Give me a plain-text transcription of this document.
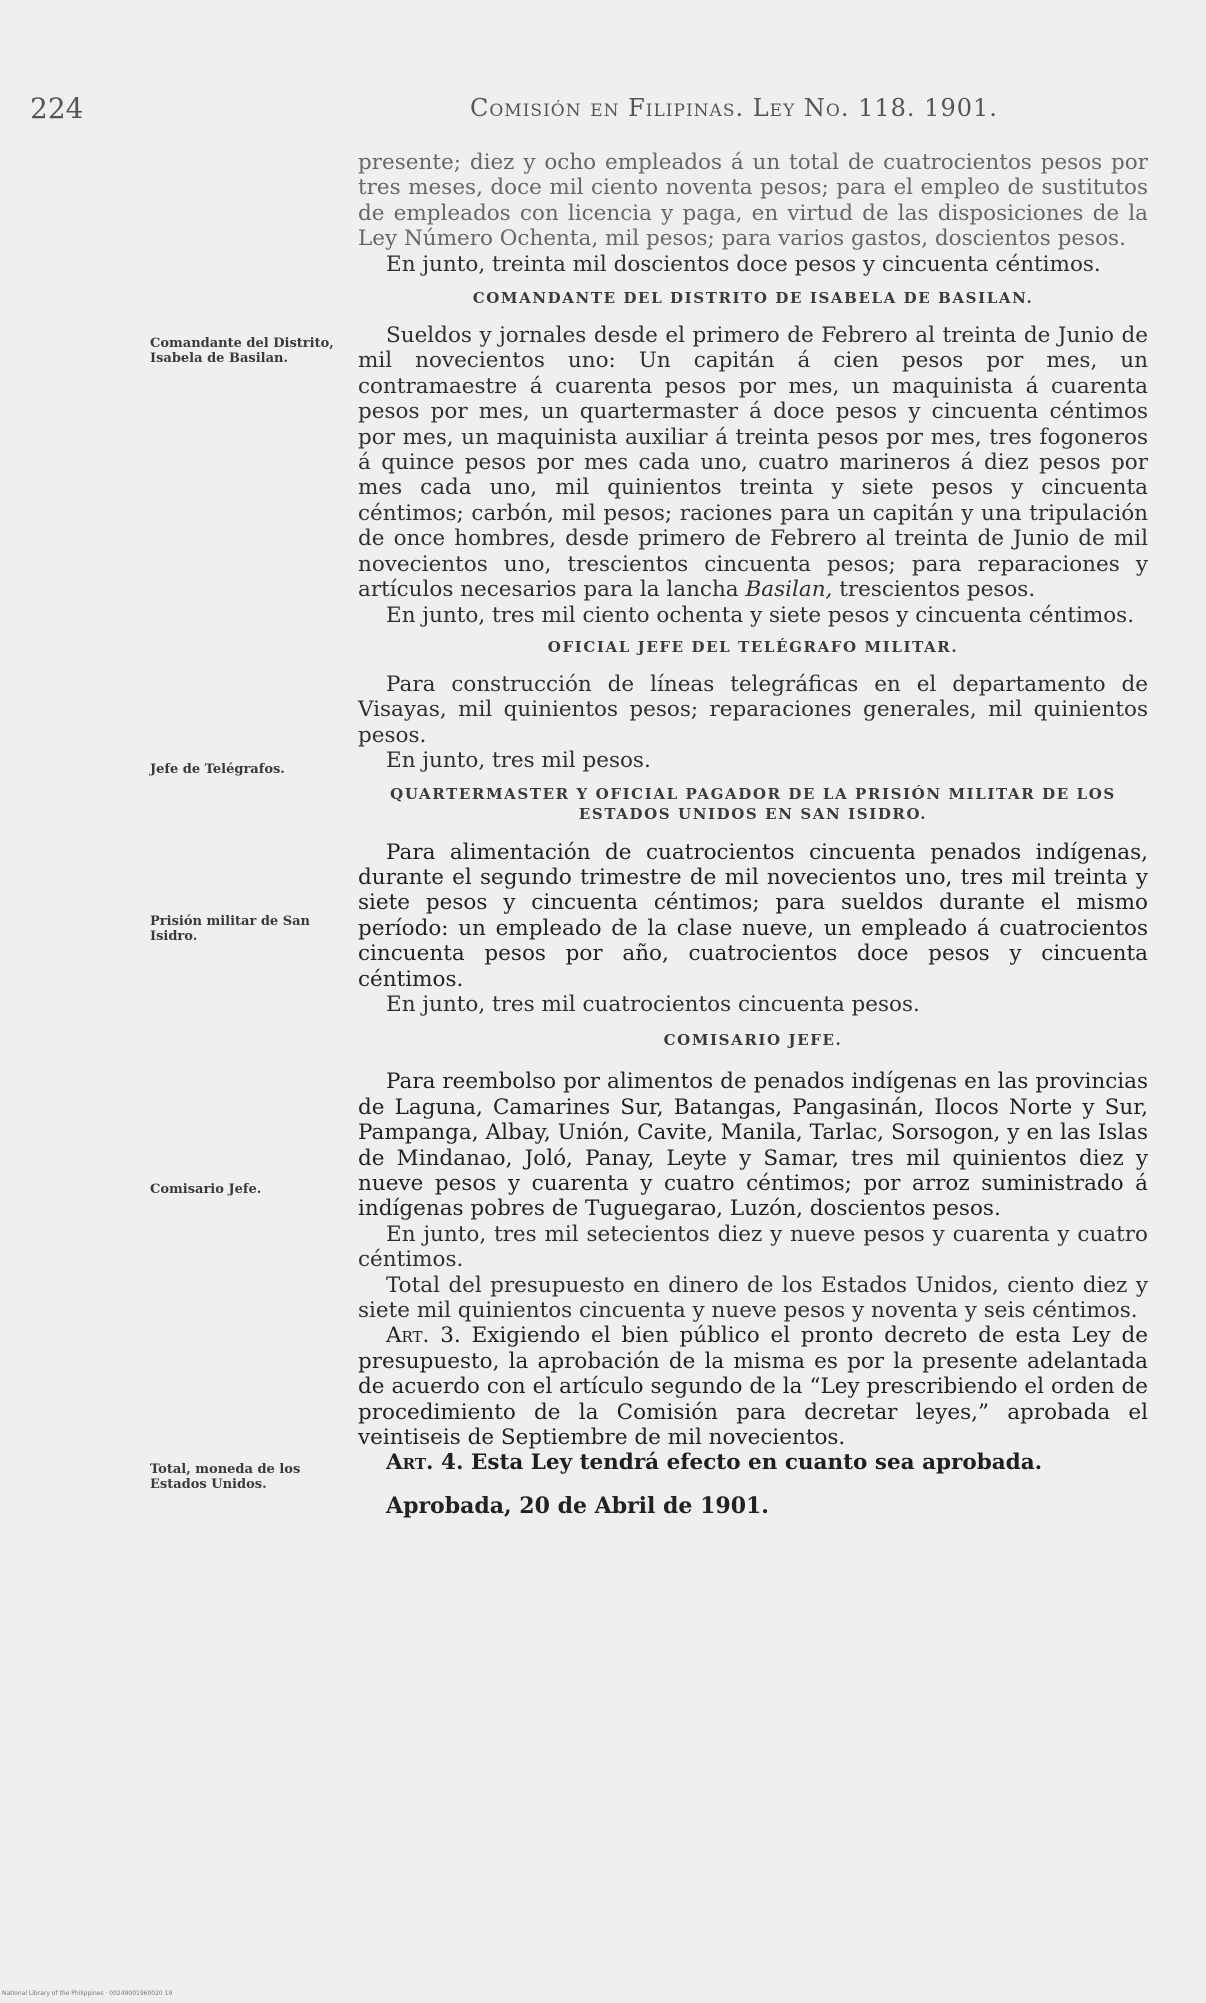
224	Comisión en Filipinas. Ley No. 118. 1901.
Comandante del Distrito, Isabela de Basilan.
Jefe de Telégrafos.
Prisión militar de San Isidro.
Comisario Jefe.
Total, moneda de los Estados Unidos.

presente; diez y ocho empleados á un total de cuatrocientos pesos por tres meses, doce mil ciento noventa pesos; para el empleo de sustitutos de empleados con licencia y paga, en virtud de las disposiciones de la Ley Número Ochenta, mil pesos; para varios gastos, doscientos pesos.

En junto, treinta mil doscientos doce pesos y cincuenta céntimos.

COMANDANTE DEL DISTRITO DE ISABELA DE BASILAN.

Sueldos y jornales desde el primero de Febrero al treinta de Junio de mil novecientos uno: Un capitán á cien pesos por mes, un contramaestre á cuarenta pesos por mes, un maquinista á cuarenta pesos por mes, un quartermaster á doce pesos y cincuenta céntimos por mes, un maquinista auxiliar á treinta pesos por mes, tres fogoneros á quince pesos por mes cada uno, cuatro marineros á diez pesos por mes cada uno, mil quinientos treinta y siete pesos y cincuenta céntimos; carbón, mil pesos; raciones para un capitán y una tripulación de once hombres, desde primero de Febrero al treinta de Junio de mil novecientos uno, trescientos cincuenta pesos; para reparaciones y artículos necesarios para la lancha Basilan, trescientos pesos.

En junto, tres mil ciento ochenta y siete pesos y cincuenta céntimos.

OFICIAL JEFE DEL TELÉGRAFO MILITAR.

Para construcción de líneas telegráficas en el departamento de Visayas, mil quinientos pesos; reparaciones generales, mil quinientos pesos.

En junto, tres mil pesos.

QUARTERMASTER Y OFICIAL PAGADOR DE LA PRISIÓN MILITAR DE LOS
ESTADOS UNIDOS EN SAN ISIDRO.

Para alimentación de cuatrocientos cincuenta penados indígenas, durante el segundo trimestre de mil novecientos uno, tres mil treinta y siete pesos y cincuenta céntimos; para sueldos durante el mismo período: un empleado de la clase nueve, un empleado á cuatrocientos cincuenta pesos por año, cuatrocientos doce pesos y cincuenta céntimos.

En junto, tres mil cuatrocientos cincuenta pesos.

COMISARIO JEFE.

Para reembolso por alimentos de penados indígenas en las provincias de Laguna, Camarines Sur, Batangas, Pangasinán, Ilocos Norte y Sur, Pampanga, Albay, Unión, Cavite, Manila, Tarlac, Sorsogon, y en las Islas de Mindanao, Joló, Panay, Leyte y Samar, tres mil quinientos diez y nueve pesos y cuarenta y cuatro céntimos; por arroz suministrado á indígenas pobres de Tuguegarao, Luzón, doscientos pesos.

En junto, tres mil setecientos diez y nueve pesos y cuarenta y cuatro céntimos.

Total del presupuesto en dinero de los Estados Unidos, ciento diez y siete mil quinientos cincuenta y nueve pesos y noventa y seis céntimos.

Art. 3. Exigiendo el bien público el pronto decreto de esta Ley de presupuesto, la aprobación de la misma es por la presente adelantada de acuerdo con el artículo segundo de la “Ley prescribiendo el orden de procedimiento de la Comisión para decretar leyes,” aprobada el veintiseis de Septiembre de mil novecientos.

Art. 4. Esta Ley tendrá efecto en cuanto sea aprobada.

Aprobada, 20 de Abril de 1901.

National Library of the Philippines · 00249001960020 19
